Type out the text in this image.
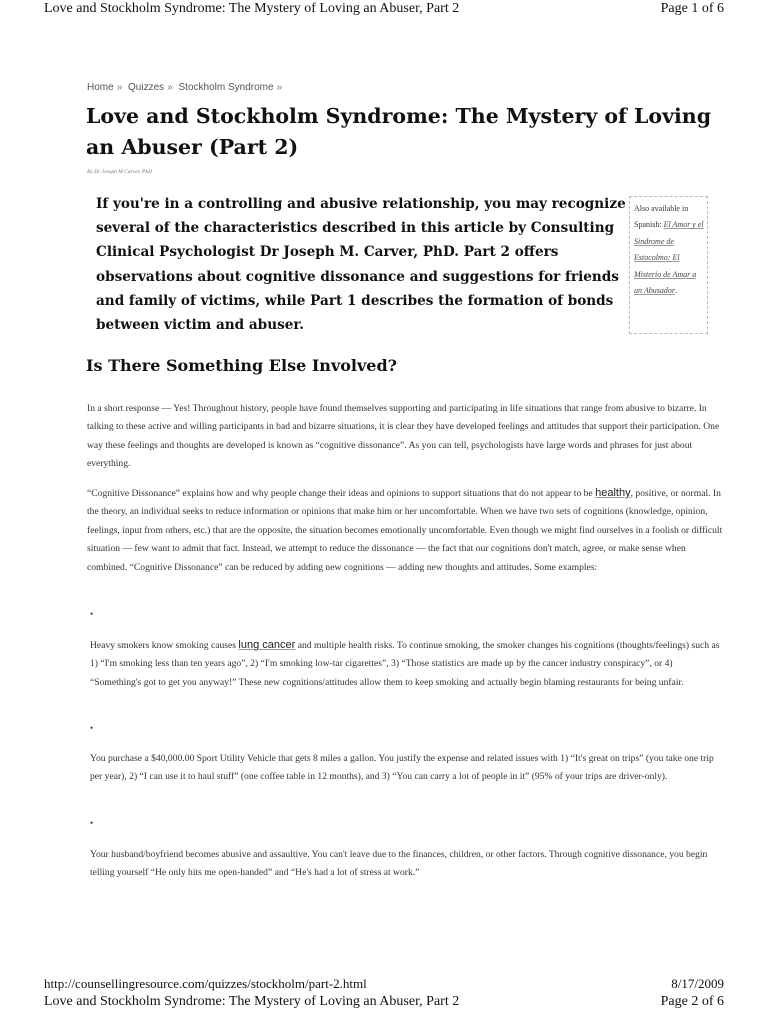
Love and Stockholm Syndrome: The Mystery of Loving an Abuser, Part 2	Page 1 of 6
Home » Quizzes » Stockholm Syndrome »
Love and Stockholm Syndrome: The Mystery of Loving an Abuser (Part 2)
By Dr Joseph M Carver, PhD
If you're in a controlling and abusive relationship, you may recognize several of the characteristics described in this article by Consulting Clinical Psychologist Dr Joseph M. Carver, PhD. Part 2 offers observations about cognitive dissonance and suggestions for friends and family of victims, while Part 1 describes the formation of bonds between victim and abuser.
Also available in Spanish: El Amor y el Sindrome de Estocolmo: El Misterio de Amar a un Abusador.
Is There Something Else Involved?
In a short response — Yes! Throughout history, people have found themselves supporting and participating in life situations that range from abusive to bizarre. In talking to these active and willing participants in bad and bizarre situations, it is clear they have developed feelings and attitudes that support their participation. One way these feelings and thoughts are developed is known as “cognitive dissonance”. As you can tell, psychologists have large words and phrases for just about everything.
“Cognitive Dissonance” explains how and why people change their ideas and opinions to support situations that do not appear to be healthy, positive, or normal. In the theory, an individual seeks to reduce information or opinions that make him or her uncomfortable. When we have two sets of cognitions (knowledge, opinion, feelings, input from others, etc.) that are the opposite, the situation becomes emotionally uncomfortable. Even though we might find ourselves in a foolish or difficult situation — few want to admit that fact. Instead, we attempt to reduce the dissonance — the fact that our cognitions don't match, agree, or make sense when combined. “Cognitive Dissonance” can be reduced by adding new cognitions — adding new thoughts and attitudes. Some examples:
•
Heavy smokers know smoking causes lung cancer and multiple health risks. To continue smoking, the smoker changes his cognitions (thoughts/feelings) such as 1) “I'm smoking less than ten years ago”, 2) “I'm smoking low-tar cigarettes”, 3) “Those statistics are made up by the cancer industry conspiracy”, or 4) “Something's got to get you anyway!” These new cognitions/attitudes allow them to keep smoking and actually begin blaming restaurants for being unfair.
•
You purchase a $40,000.00 Sport Utility Vehicle that gets 8 miles a gallon. You justify the expense and related issues with 1) “It's great on trips” (you take one trip per year), 2) “I can use it to haul stuff” (one coffee table in 12 months), and 3) “You can carry a lot of people in it” (95% of your trips are driver-only).
•
Your husband/boyfriend becomes abusive and assaultive. You can't leave due to the finances, children, or other factors. Through cognitive dissonance, you begin telling yourself “He only hits me open-handed” and “He's had a lot of stress at work.”
http://counsellingresource.com/quizzes/stockholm/part-2.html	8/17/2009
Love and Stockholm Syndrome: The Mystery of Loving an Abuser, Part 2	Page 2 of 6
